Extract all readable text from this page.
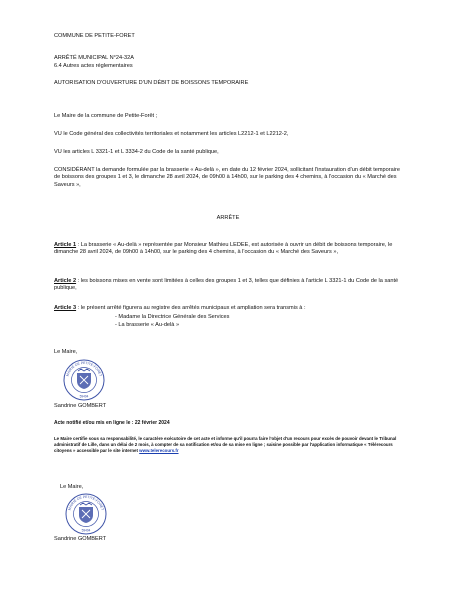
COMMUNE DE PETITE-FORET
ARRÊTÉ MUNICIPAL N°24-32A
6.4 Autres actes réglementaires
AUTORISATION D'OUVERTURE D'UN DÉBIT DE BOISSONS TEMPORAIRE
Le Maire de la commune de Petite-Forêt ;
VU le Code général des collectivités territoriales et notamment les articles L2212-1 et L2212-2,
VU les articles L 3321-1 et L 3334-2 du Code de la santé publique,
CONSIDÉRANT la demande formulée par la brasserie « Au-delà », en date du 12 février 2024, sollicitant l'instauration d'un débit temporaire de boissons des groupes 1 et 3, le dimanche 28 avril 2024, de 09h00 à 14h00, sur le parking des 4 chemins, à l'occasion du « Marché des Saveurs »,
ARRÊTE
Article 1 : La brasserie « Au-delà » représentée par Monsieur Mathieu LEDEE, est autorisée à ouvrir un débit de boissons temporaire, le dimanche 28 avril 2024, de 09h00 à 14h00, sur le parking des 4 chemins, à l'occasion du « Marché des Saveurs »,
Article 2 : les boissons mises en vente sont limitées à celles des groupes 1 et 3, telles que définies à l'article L 3321-1 du Code de la santé publique,
Article 3 : le présent arrêté figurera au registre des arrêtés municipaux et ampliation sera transmis à :
- Madame la Directrice Générale des Services
- La brasserie « Au-delà »
Le Maire,
MAIRIE DE PETITE-FORÊT
59494
Sandrine GOMBERT
Acte notifié et/ou mis en ligne le : 22 février 2024
Le Maire certifie sous sa responsabilité, le caractère exécutoire de cet acte et informe qu'il pourra faire l'objet d'un recours pour excès de pouvoir devant le Tribunal administratif de Lille, dans un délai de 2 mois, à compter de sa notification et/ou de sa mise en ligne ; saisine possible par l'application informatique « Télérecours citoyens » accessible par le site internet www.telerecours.fr
Le Maire,
MAIRIE DE PETITE-FORÊT
59494
Sandrine GOMBERT
